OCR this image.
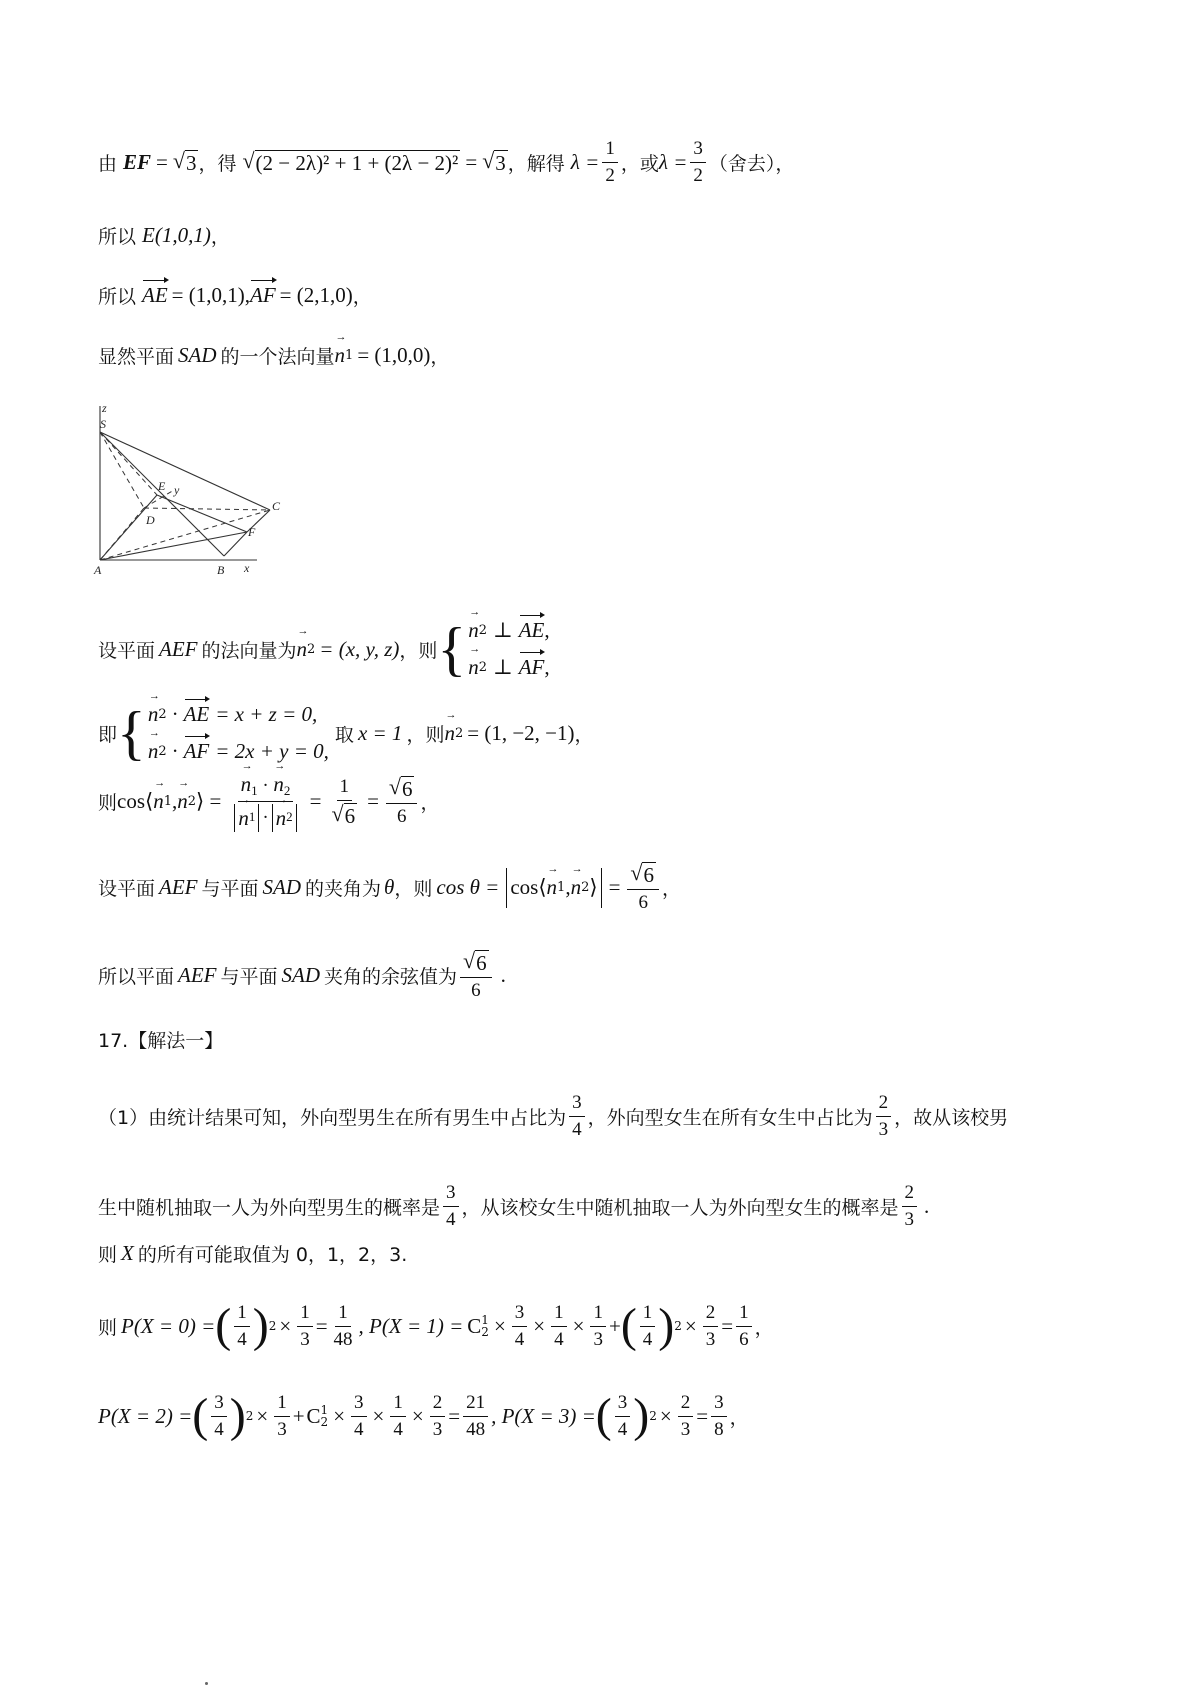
由 EF = √ 3 ，得 √ (2 − 2λ)² + 1 + (2λ − 2)² = √ 3 ，解得 $\lambda = \frac{1}{2}$ ，或 $\lambda = \frac{3}{2}$ （舍去），
所以 E(1,0,1) ，
所以 AE = (1,0,1), AF = (2,1,0) ，
显然平面 SAD 的一个法向量 → n 1 = (1,0,0) ，
z
S
E y
D
C
F
A	B x
设平面 AEF 的法向量为 → n 2 = (x, y, z) ，则 { → n 2 ⊥ AE ,
→ n 2 ⊥ AF ,
即 { → n 2 · AE = x + z = 0,
→ n 2 · AF = 2x + y = 0,
取 x = 1 ，则 → n 2 = (1, −2, −1) ，
则 cos⟨ → n 1 , → n 2 ⟩ = → $n_1$ · → $n_2$
→ n 1 · → n $2 = \frac{1}{√ 6} = \frac{√ 6}{6}$ ，
设平面 AEF 与平面 SAD 的夹角为 θ ，则 cos θ = cos⟨ → n 1 , → n 2 ⟩ = $\frac{√ 6}{6}$ ，
所以平面 AEF 与平面 SAD 夹角的余弦值为 $\frac{√ 6}{6}$ .
17.【解法一】
（1）由统计结果可知，外向型男生在所有男生中占比为 $\frac{3}{4}$ ，外向型女生在所有女生中占比为 $\frac{2}{3}$ ，故从该校男
生中随机抽取一人为外向型男生的概率是 $\frac{3}{4}$ ，从该校女生中随机抽取一人为外向型女生的概率是 $\frac{2}{3}$ .
则 X 的所有可能取值为 0，1，2，3.
则 P(X = 0) = ( $\frac{1}{4}$ ) $2 \times \frac{1}{3} = \frac{1}{48}$ , P(X = 1) = C 1
$2 \times \frac{3}{4} \times \frac{1}{4} \times \frac{1}{3}$ + ( $\frac{1}{4}$ ) $2 \times \frac{2}{3} = \frac{1}{6}$ ，
P(X = 2) = ( $\frac{3}{4}$ ) $2 \times \frac{1}{3} + C$ 1
$2 \times \frac{3}{4} \times \frac{1}{4} \times \frac{2}{3} = \frac{21}{48}$ , P(X = 3) = ( $\frac{3}{4}$ ) $2 \times \frac{2}{3} = \frac{3}{8}$ ，
